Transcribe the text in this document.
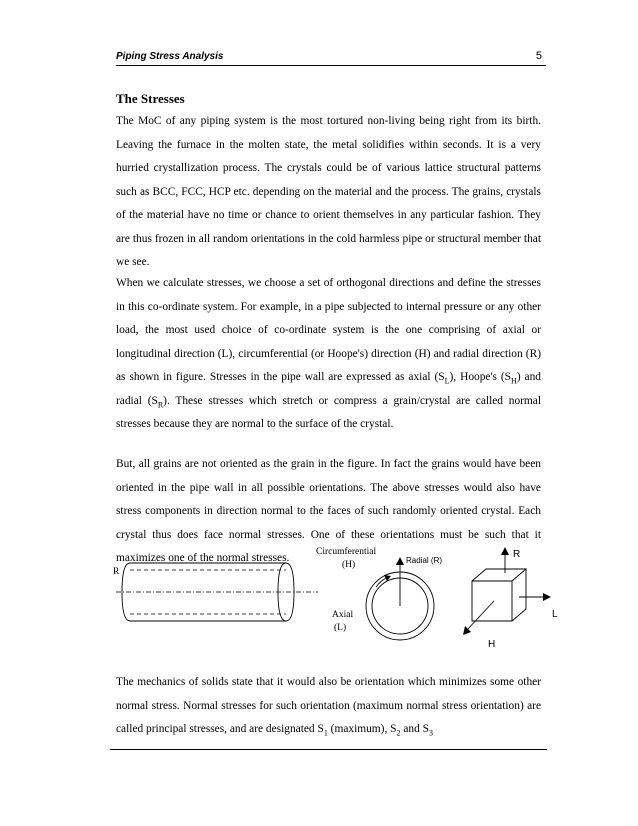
Piping Stress Analysis	5
The Stresses

The MoC of any piping system is the most tortured non-living being right from its birth. Leaving the furnace in the molten state, the metal solidifies within seconds. It is a very hurried crystallization process. The crystals could be of various lattice structural patterns such as BCC, FCC, HCP etc. depending on the material and the process. The grains, crystals of the material have no time or chance to orient themselves in any particular fashion. They are thus frozen in all random orientations in the cold harmless pipe or structural member that we see.

When we calculate stresses, we choose a set of orthogonal directions and define the stresses in this co-ordinate system. For example, in a pipe subjected to internal pressure or any other load, the most used choice of co-ordinate system is the one comprising of axial or longitudinal direction (L), circumferential (or Hoope's) direction (H) and radial direction (R) as shown in figure. Stresses in the pipe wall are expressed as axial $(S_L)$, Hoope's $(S_H)$ and radial $(S_R)$. These stresses which stretch or compress a grain/crystal are called normal stresses because they are normal to the surface of the crystal.

But, all grains are not oriented as the grain in the figure. In fact the grains would have been oriented in the pipe wall in all possible orientations. The above stresses would also have stress components in direction normal to the faces of such randomly oriented crystal. Each crystal thus does face normal stresses. One of these orientations must be such that it maximizes one of the normal stresses.

R
Axial
(L)
Circumferential
(H)	Radial (R)
R
L
H

The mechanics of solids state that it would also be orientation which minimizes some other normal stress. Normal stresses for such orientation (maximum normal stress orientation) are called principal stresses, and are designated $S_1$ (maximum), $S_2$ and $S_3$
